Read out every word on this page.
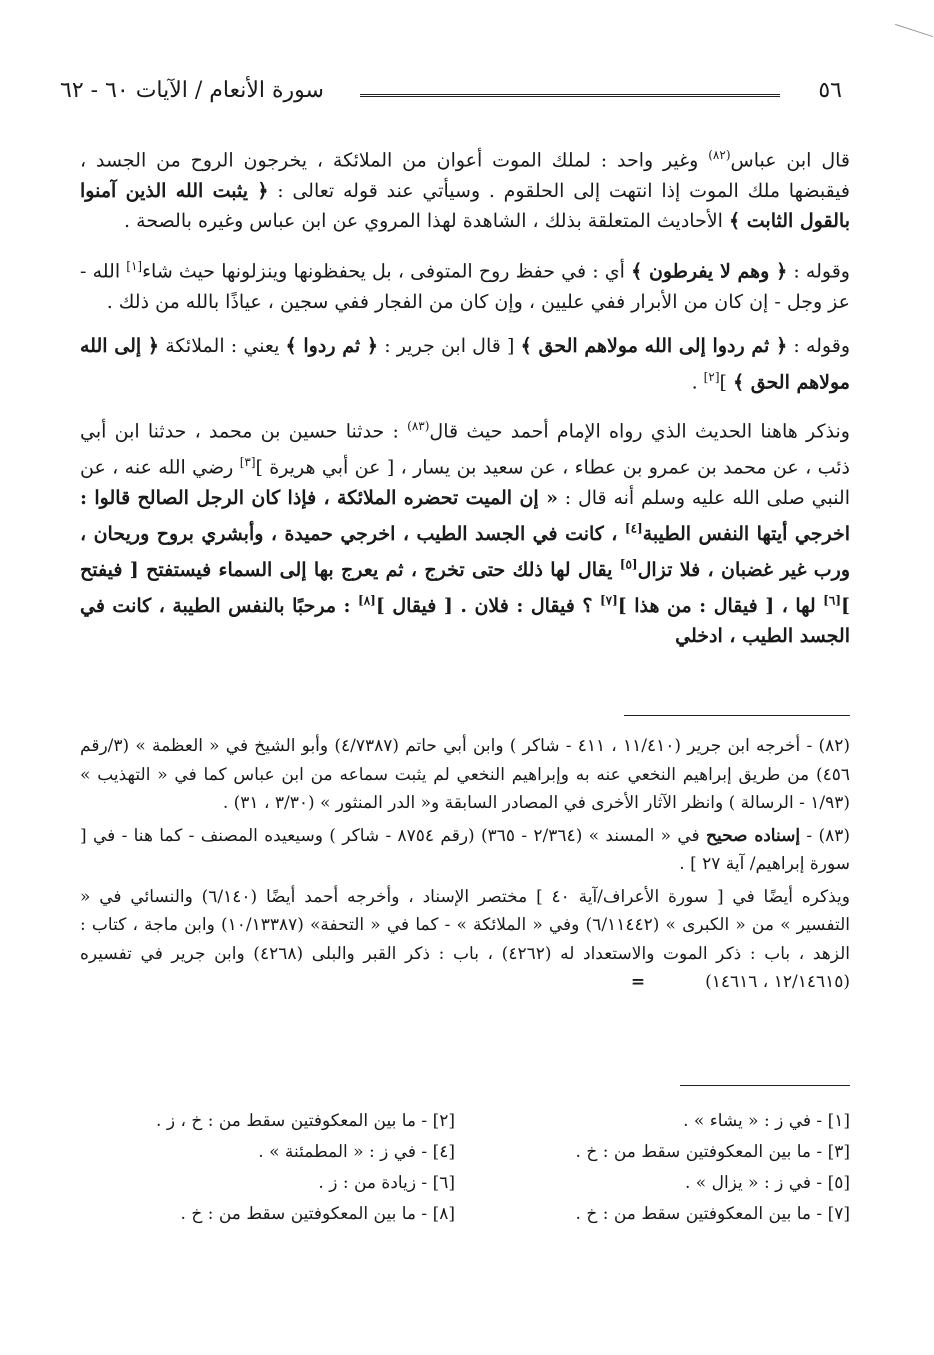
٥٦
سورة الأنعام / الآيات ٦٠ - ٦٢

قال ابن عباس$^{(٨٢)}$ وغير واحد : لملك الموت أعوان من الملائكة ، يخرجون الروح من الجسد ، فيقبضها ملك الموت إذا انتهت إلى الحلقوم . وسيأتي عند قوله تعالى : ﴿ يثبت الله الذين آمنوا بالقول الثابت ﴾ الأحاديث المتعلقة بذلك ، الشاهدة لهذا المروي عن ابن عباس وغيره بالصحة .

وقوله : ﴿ وهم لا يفرطون ﴾ أي : في حفظ روح المتوفى ، بل يحفظونها وينزلونها حيث شاء[١] الله - عز وجل - إن كان من الأبرار ففي عليين ، وإن كان من الفجار ففي سجين ، عياذًا بالله من ذلك .

وقوله : ﴿ ثم ردوا إلى الله مولاهم الحق ﴾ [ قال ابن جرير : ﴿ ثم ردوا ﴾ يعني : الملائكة ﴿ إلى الله مولاهم الحق ﴾ ][٢] .

ونذكر هاهنا الحديث الذي رواه الإمام أحمد حيث قال$^{(٨٣)}$ : حدثنا حسين بن محمد ، حدثنا ابن أبي ذئب ، عن محمد بن عمرو بن عطاء ، عن سعيد بن يسار ، [ عن أبي هريرة ][٣] رضي الله عنه ، عن النبي صلى الله عليه وسلم أنه قال : « إن الميت تحضره الملائكة ، فإذا كان الرجل الصالح قالوا : اخرجي أيتها النفس الطيبة[٤] ، كانت في الجسد الطيب ، اخرجي حميدة ، وأبشري بروح وريحان ، ورب غير غضبان ، فلا تزال[٥] يقال لها ذلك حتى تخرج ، ثم يعرج بها إلى السماء فيستفتح [ فيفتح ][٦] لها ، [ فيقال : من هذا ][٧] ؟ فيقال : فلان . [ فيقال ][٨] : مرحبًا بالنفس الطيبة ، كانت في الجسد الطيب ، ادخلي

(٨٢) - أخرجه ابن جرير (١١/٤١٠ ، ٤١١ - شاكر ) وابن أبي حاتم (٤/٧٣٨٧) وأبو الشيخ في « العظمة » (٣/رقم ٤٥٦) من طريق إبراهيم النخعي عنه به وإبراهيم النخعي لم يثبت سماعه من ابن عباس كما في « التهذيب » (١/٩٣ - الرسالة ) وانظر الآثار الأخرى في المصادر السابقة و« الدر المنثور » (٣/٣٠ ، ٣١) .

(٨٣) - إسناده صحيح في « المسند » (٢/٣٦٤ - ٣٦٥) (رقم ٨٧٥٤ - شاكر ) وسيعيده المصنف - كما هنا - في [ سورة إبراهيم/ آية ٢٧ ] .

ويذكره أيضًا في [ سورة الأعراف/آية ٤٠ ] مختصر الإسناد ، وأخرجه أحمد أيضًا (٦/١٤٠) والنسائي في « التفسير » من « الكبرى » (٦/١١٤٤٢) وفي « الملائكة » - كما في « التحفة» (١٠/١٣٣٨٧) وابن ماجة ، كتاب : الزهد ، باب : ذكر الموت والاستعداد له (٤٢٦٢) ، باب : ذكر القبر والبلى (٤٢٦٨) وابن جرير في تفسيره (١٢/١٤٦١٥ ، ١٤٦١٦)=

[١] - في ز : « يشاء » .
[٢] - ما بين المعكوفتين سقط من : خ ، ز .
[٣] - ما بين المعكوفتين سقط من : خ .
[٤] - في ز : « المطمئنة » .
[٥] - في ز : « يزال » .
[٦] - زيادة من : ز .
[٧] - ما بين المعكوفتين سقط من : خ .
[٨] - ما بين المعكوفتين سقط من : خ .
